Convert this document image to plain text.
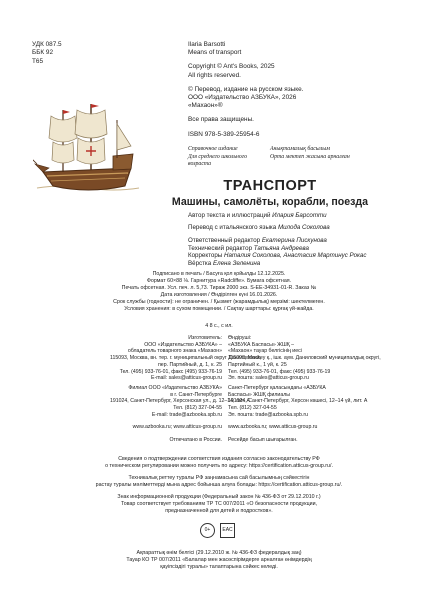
УДК 087.5
ББК 92
Т65
Ilaria Barsotti
Means of transport
Copyright © Ant's Books, 2025
All rights reserved.
© Перевод, издание на русском языке.
ООО «Издательство АЗБУКА», 2026
«Махаон»®
Все права защищены.
ISBN 978-5-389-25954-6
Справочное издание
Для среднего школьного возраста
Анықтамалық басылым
Орта мектеп жасына арналған
ТРАНСПОРТ
Машины, самолёты, корабли, поезда
Автор текста и иллюстраций Илария Барсотти
Перевод с итальянского языка Милода Соколова
Ответственный редактор Екатерина Пискунова
Технический редактор Татьяна Андреева
Корректоры Наталия Соколова, Анастасия Мартинус Рокас
Вёрстка Елена Зеленина
Подписано в печать / Басуға қол қойылды 12.12.2025.
Формат 60×88 ⅛. Гарнитура «Radcliffe». Бумага офсетная.
Печать офсетная. Усл. печ. л. 5,73. Тираж 2000 экз. S-EE-34931-01-R. Заказ №
Дата изготовления / Өндірілген күні 16.01.2026.
Срок службы (годности): не ограничен. / Қызмет (жарамдылық) мерзімі: шектелмеген.
Условия хранения: в сухом помещении. / Сақтау шарттары: құрғақ үй-жайда.
4 8 с., с ил.
Изготовитель:
ООО «Издательство АЗБУКА» –
обладатель товарного знака «Махаон»
115093, Москва, вн. тер. г. муниципальный округ Даниловский,
пер. Партийный, д. 1, к. 25
Тел. (495) 933-76-01, факс (495) 933-76-19
E-mail: sales@atticus-group.ru
Өндіруші:
«АЗБУКА Баспасы» ЖШҚ –
«Махаон» тауар белгісінің иесі
115093, Мәскеу қ., ішк. аум. Даниловский муниципалдық округі,
Партийный к., 1 үй, к. 25
Тел. (495) 933-76-01, факс (495) 933-76-19
Эл. пошта: sales@atticus-group.ru
Филиал ООО «Издательство АЗБУКА»
в г. Санкт-Петербурге
191024, Санкт-Петербург, Херсонская ул., д. 12–14, лит. А
Тел. (812) 327-04-55
E-mail: trade@azbooka.spb.ru
Санкт-Петербург қаласындағы «АЗБУКА
Баспасы» ЖШҚ филиалы
191024, Санкт-Петербург, Херсон көшесі, 12–14 үй, лит. А
Тел. (812) 327-04-55
Эл. пошта: trade@azbooka.spb.ru
www.azbooka.ru; www.atticus-group.ru www.azbooka.ru; www.atticus-group.ru
Отпечатано в России. Ресейде басып шығарылған.
Сведения о подтверждении соответствия издания согласно законодательству РФ
о техническом регулировании можно получить по адресу: https://certification.atticus-group.ru/.
Техникалық реттеу туралы РФ заңнамасына сай басылымның сәйкестігін
растау туралы мәліметтерді мына адрес бойынша алуға болады: https://certification.atticus-group.ru/.
Знак информационной продукции (Федеральный закон № 436-ФЗ от 29.12.2010 г.)
Товар соответствует требованиям ТР ТС 007/2011 «О безопасности продукции,
предназначенной для детей и подростков».
0+	ЕАС
Ақпараттық өнім белгісі (29.12.2010 ж. № 436-ФЗ федералдық заң)
Тауар КО ТР 007/2011 «Балалар мен жасөспірімдерге арналған өнімдердің
қауіпсіздігі туралы» талаптарына сәйкес келеді.
